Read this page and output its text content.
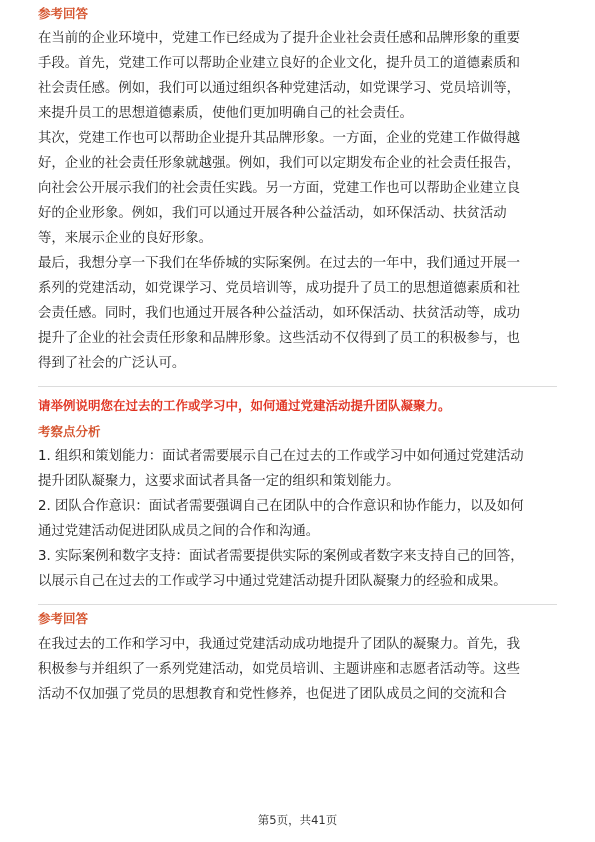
参考回答
在当前的企业环境中，党建工作已经成为了提升企业社会责任感和品牌形象的重要
手段。首先，党建工作可以帮助企业建立良好的企业文化，提升员工的道德素质和
社会责任感。例如，我们可以通过组织各种党建活动，如党课学习、党员培训等，
来提升员工的思想道德素质，使他们更加明确自己的社会责任。
其次，党建工作也可以帮助企业提升其品牌形象。一方面，企业的党建工作做得越
好，企业的社会责任形象就越强。例如，我们可以定期发布企业的社会责任报告，
向社会公开展示我们的社会责任实践。另一方面，党建工作也可以帮助企业建立良
好的企业形象。例如，我们可以通过开展各种公益活动，如环保活动、扶贫活动
等，来展示企业的良好形象。
最后，我想分享一下我们在华侨城的实际案例。在过去的一年中，我们通过开展一
系列的党建活动，如党课学习、党员培训等，成功提升了员工的思想道德素质和社
会责任感。同时，我们也通过开展各种公益活动，如环保活动、扶贫活动等，成功
提升了企业的社会责任形象和品牌形象。这些活动不仅得到了员工的积极参与，也
得到了社会的广泛认可。
请举例说明您在过去的工作或学习中，如何通过党建活动提升团队凝聚力。
考察点分析
1. 组织和策划能力：面试者需要展示自己在过去的工作或学习中如何通过党建活动
提升团队凝聚力，这要求面试者具备一定的组织和策划能力。
2. 团队合作意识：面试者需要强调自己在团队中的合作意识和协作能力，以及如何
通过党建活动促进团队成员之间的合作和沟通。
3. 实际案例和数字支持：面试者需要提供实际的案例或者数字来支持自己的回答，
以展示自己在过去的工作或学习中通过党建活动提升团队凝聚力的经验和成果。
参考回答
在我过去的工作和学习中，我通过党建活动成功地提升了团队的凝聚力。首先，我
积极参与并组织了一系列党建活动，如党员培训、主题讲座和志愿者活动等。这些
活动不仅加强了党员的思想教育和党性修养，也促进了团队成员之间的交流和合
第5页，共41页
